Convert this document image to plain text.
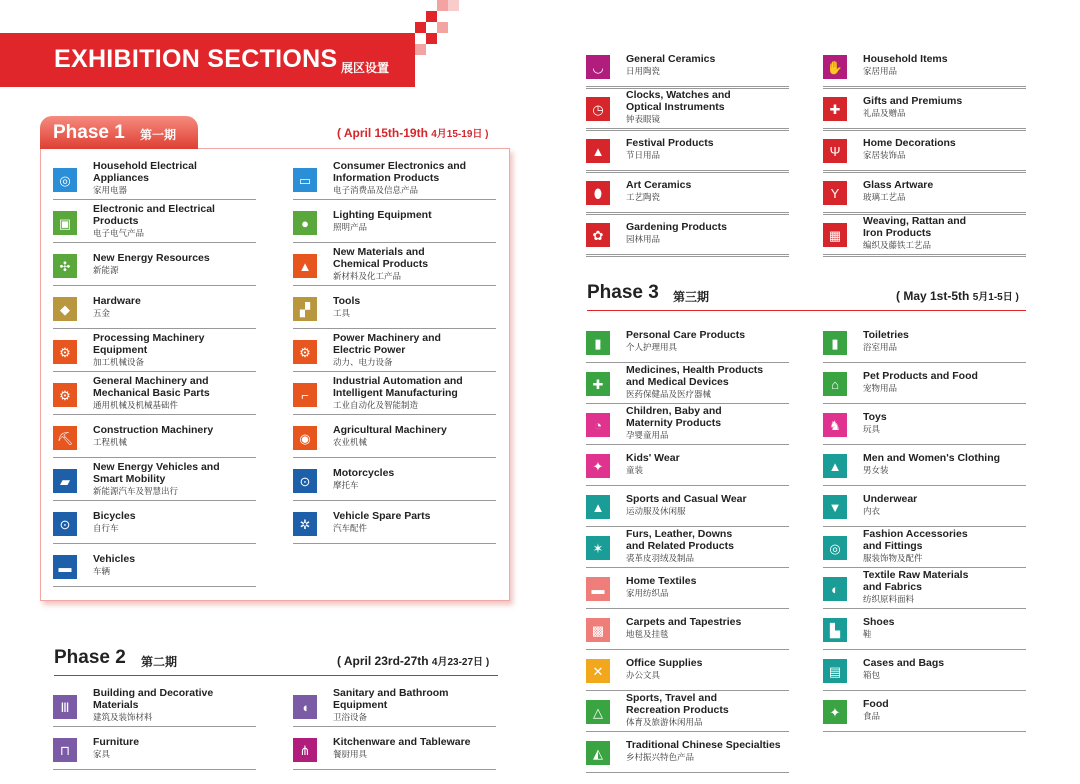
EXHIBITION SECTIONS 展区设置
Phase 1 第一期	( April 15th-19th 4月15-19日 )
◎
Household Electrical
Appliances
家用电器
▣
Electronic and Electrical
Products
电子电气产品
✣
New Energy Resources
新能源
◆
Hardware
五金
⚙
Processing Machinery
Equipment
加工机械设备
⚙
General Machinery and
Mechanical Basic Parts
通用机械及机械基础件
⛏
Construction Machinery
工程机械
▰
New Energy Vehicles and
Smart Mobility
新能源汽车及智慧出行
⊙
Bicycles
自行车
▬
Vehicles
车辆
▭
Consumer Electronics and
Information Products
电子消费品及信息产品
●
Lighting Equipment
照明产品
▲
New Materials and
Chemical Products
新材料及化工产品
▞
Tools
工具
⚙
Power Machinery and
Electric Power
动力、电力设备
⌐
Industrial Automation and
Intelligent Manufacturing
工业自动化及智能制造
◉
Agricultural Machinery
农业机械
⊙
Motorcycles
摩托车
✲
Vehicle Spare Parts
汽车配件
Phase 2 第二期	( April 23rd-27th 4月23-27日 )
Ⅲ
Building and Decorative
Materials
建筑及装饰材料
⊓
Furniture
家具
◖
Sanitary and Bathroom Equipment
卫浴设备
⋔
Kitchenware and Tableware
餐厨用具
◡
General Ceramics
日用陶瓷
◷
Clocks, Watches and
Optical Instruments
钟表眼镜
▲
Festival Products
节日用品
⬮
Art Ceramics
工艺陶瓷
✿
Gardening Products
园林用品
✋
Household Items
家居用品
✚
Gifts and Premiums
礼品及赠品
Ψ
Home Decorations
家居装饰品
Y
Glass Artware
玻璃工艺品
▦
Weaving, Rattan and
Iron Products
编织及藤铁工艺品
Phase 3 第三期	( May 1st-5th 5月1-5日 )
▮
Personal Care Products
个人护理用具
✚
Medicines, Health Products
and Medical Devices
医药保健品及医疗器械
◔
Children, Baby and
Maternity Products
孕婴童用品
✦
Kids' Wear
童装
▲
Sports and Casual Wear
运动服及休闲服
✶
Furs, Leather, Downs
and Related Products
裘革皮羽绒及制品
▬
Home Textiles
家用纺织品
▩
Carpets and Tapestries
地毯及挂毯
✕
Office Supplies
办公文具
△
Sports, Travel and
Recreation Products
体育及旅游休闲用品
◭
Traditional Chinese Specialties
乡村振兴特色产品
▮
Toiletries
浴室用品
⌂
Pet Products and Food
宠物用品
♞
Toys
玩具
▲
Men and Women's Clothing
男女装
▼
Underwear
内衣
◎
Fashion Accessories
and Fittings
服装饰物及配件
◐
Textile Raw Materials
and Fabrics
纺织原料面料
▙
Shoes
鞋
▤
Cases and Bags
箱包
✦
Food
食品
